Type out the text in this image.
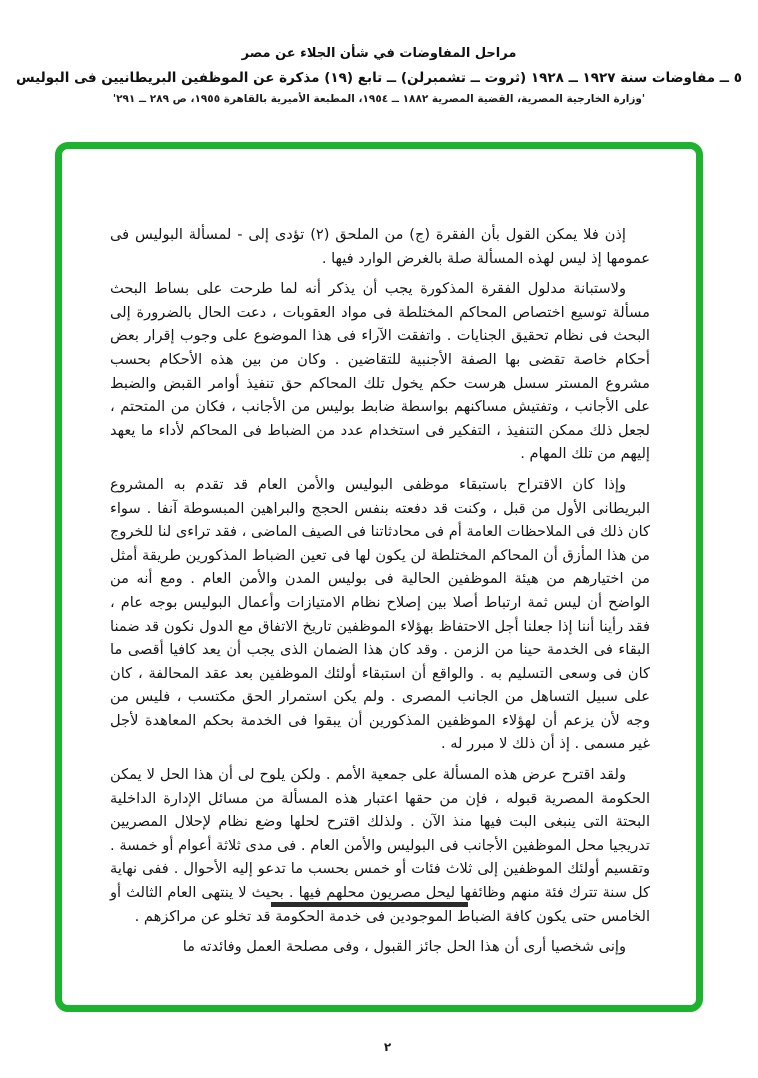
مراحل المفاوضات في شأن الجلاء عن مصر
٥ ــ مفاوضات سنة ١٩٢٧ ــ ١٩٢٨ (ثروت ــ تشمبرلن) ــ تابع (١٩) مذكرة عن الموظفين البريطانيين فى البوليس
'وزارة الخارجية المصرية، القضية المصرية ١٨٨٢ ــ ١٩٥٤، المطبعة الأميرية بالقاهرة ١٩٥٥، ص ٢٨٩ ــ ٢٩١'

إذن فلا يمكن القول بأن الفقرة (ج) من الملحق (٢) تؤدى إلى - لمسألة البوليس فى عمومها إذ ليس لهذه المسألة صلة بالغرض الوارد فيها .

ولاستبانة مدلول الفقرة المذكورة يجب أن يذكر أنه لما طرحت على بساط البحث مسألة توسيع اختصاص المحاكم المختلطة فى مواد العقوبات ، دعت الحال بالضرورة إلى البحث فى نظام تحقيق الجنايات . واتفقت الآراء فى هذا الموضوع على وجوب إقرار بعض أحكام خاصة تقضى بها الصفة الأجنبية للتقاضين . وكان من بين هذه الأحكام بحسب مشروع المستر سسل هرست حكم يخول تلك المحاكم حق تنفيذ أوامر القبض والضبط على الأجانب ، وتفتيش مساكنهم بواسطة ضابط بوليس من الأجانب ، فكان من المتحتم ، لجعل ذلك ممكن التنفيذ ، التفكير فى استخدام عدد من الضباط فى المحاكم لأداء ما يعهد إليهم من تلك المهام .

وإذا كان الاقتراح باستبقاء موظفى البوليس والأمن العام قد تقدم به المشروع البريطانى الأول من قبل ، وكنت قد دفعته بنفس الحجج والبراهين المبسوطة آنفا . سواء كان ذلك فى الملاحظات العامة أم فى محادثاتنا فى الصيف الماضى ، فقد تراءى لنا للخروج من هذا المأزق أن المحاكم المختلطة لن يكون لها فى تعين الضباط المذكورين طريقة أمثل من اختيارهم من هيئة الموظفين الحالية فى بوليس المدن والأمن العام . ومع أنه من الواضح أن ليس ثمة ارتباط أصلا بين إصلاح نظام الامتيازات وأعمال البوليس بوجه عام ، فقد رأينا أننا إذا جعلنا أجل الاحتفاظ بهؤلاء الموظفين تاريخ الاتفاق مع الدول نكون قد ضمنا البقاء فى الخدمة حينا من الزمن . وقد كان هذا الضمان الذى يجب أن يعد كافيا أقصى ما كان فى وسعى التسليم به . والواقع أن استبقاء أولئك الموظفين بعد عقد المحالفة ، كان على سبيل التساهل من الجانب المصرى . ولم يكن استمرار الحق مكتسب ، فليس من وجه لأن يزعم أن لهؤلاء الموظفين المذكورين أن يبقوا فى الخدمة بحكم المعاهدة لأجل غير مسمى . إذ أن ذلك لا مبرر له .

ولقد اقترح عرض هذه المسألة على جمعية الأمم . ولكن يلوح لى أن هذا الحل لا يمكن الحكومة المصرية قبوله ، فإن من حقها اعتبار هذه المسألة من مسائل الإدارة الداخلية البحتة التى ينبغى البت فيها منذ الآن . ولذلك اقترح لحلها وضع نظام لإحلال المصريين تدريجيا محل الموظفين الأجانب فى البوليس والأمن العام . فى مدى ثلاثة أعوام أو خمسة . وتقسيم أولئك الموظفين إلى ثلاث فئات أو خمس بحسب ما تدعو إليه الأحوال . ففى نهاية كل سنة تترك فئة منهم وظائفها ليحل مصريون محلهم فيها . بحيث لا ينتهى العام الثالث أو الخامس حتى يكون كافة الضباط الموجودين فى خدمة الحكومة قد تخلو عن مراكزهم .

وإنى شخصيا أرى أن هذا الحل جائز القبول ، وفى مصلحة العمل وفائدته ما

٢
